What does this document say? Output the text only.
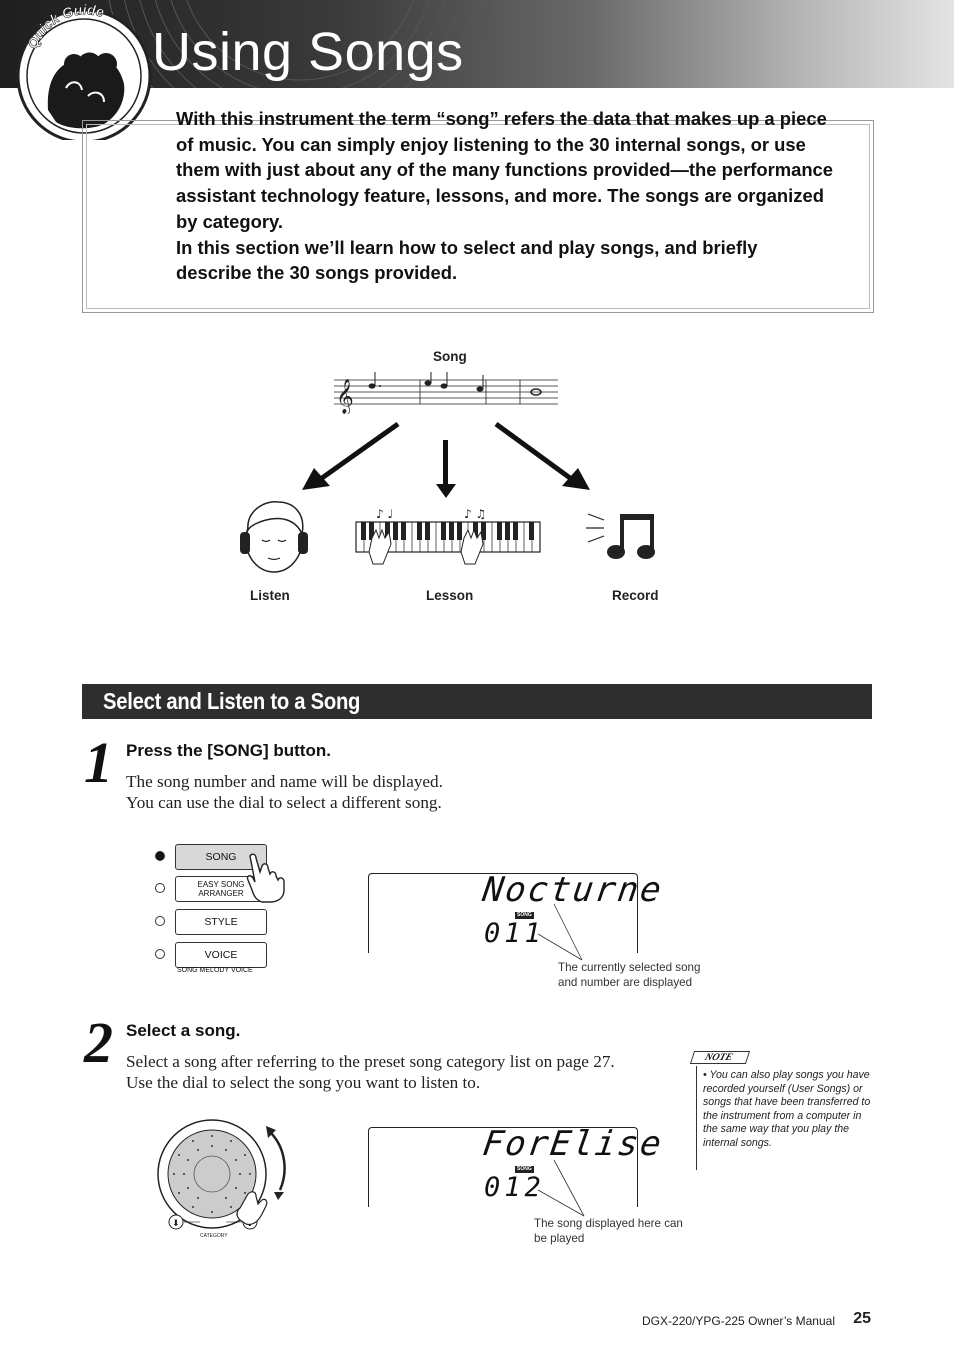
Using Songs
Quick Guide

With this instrument the term “song” refers the data that makes up a piece of music. You can simply enjoy listening to the 30 internal songs, or use them with just about any of the many functions provided—the performance assistant technology feature, lessons, and more. The songs are organized by category.

In this section we’ll learn how to select and play songs, and briefly describe the 30 songs provided.

Song
𝄞
♪ ♩	♪ ♫
Listen	Lesson	Record
Select and Listen to a Song
1 Press the [SONG] button.
The song number and name will be displayed.
You can use the dial to select a different song.
SONG
EASY SONG ARRANGER
STYLE
VOICE
SONG MELODY VOICE
Nocturne
SONG
011
The currently selected song and number are displayed
2 Select a song.
Select a song after referring to the preset song category list on page 27.
Use the dial to select the song you want to listen to.
NOTE
• You can also play songs you have recorded yourself (User Songs) or songs that have been transferred to the instrument from a computer in the same way that you play the internal songs.
⬇
CATEGORY
ForElise
SONG
012
The song displayed here can be played
DGX-220/YPG-225 Owner’s Manual 25
